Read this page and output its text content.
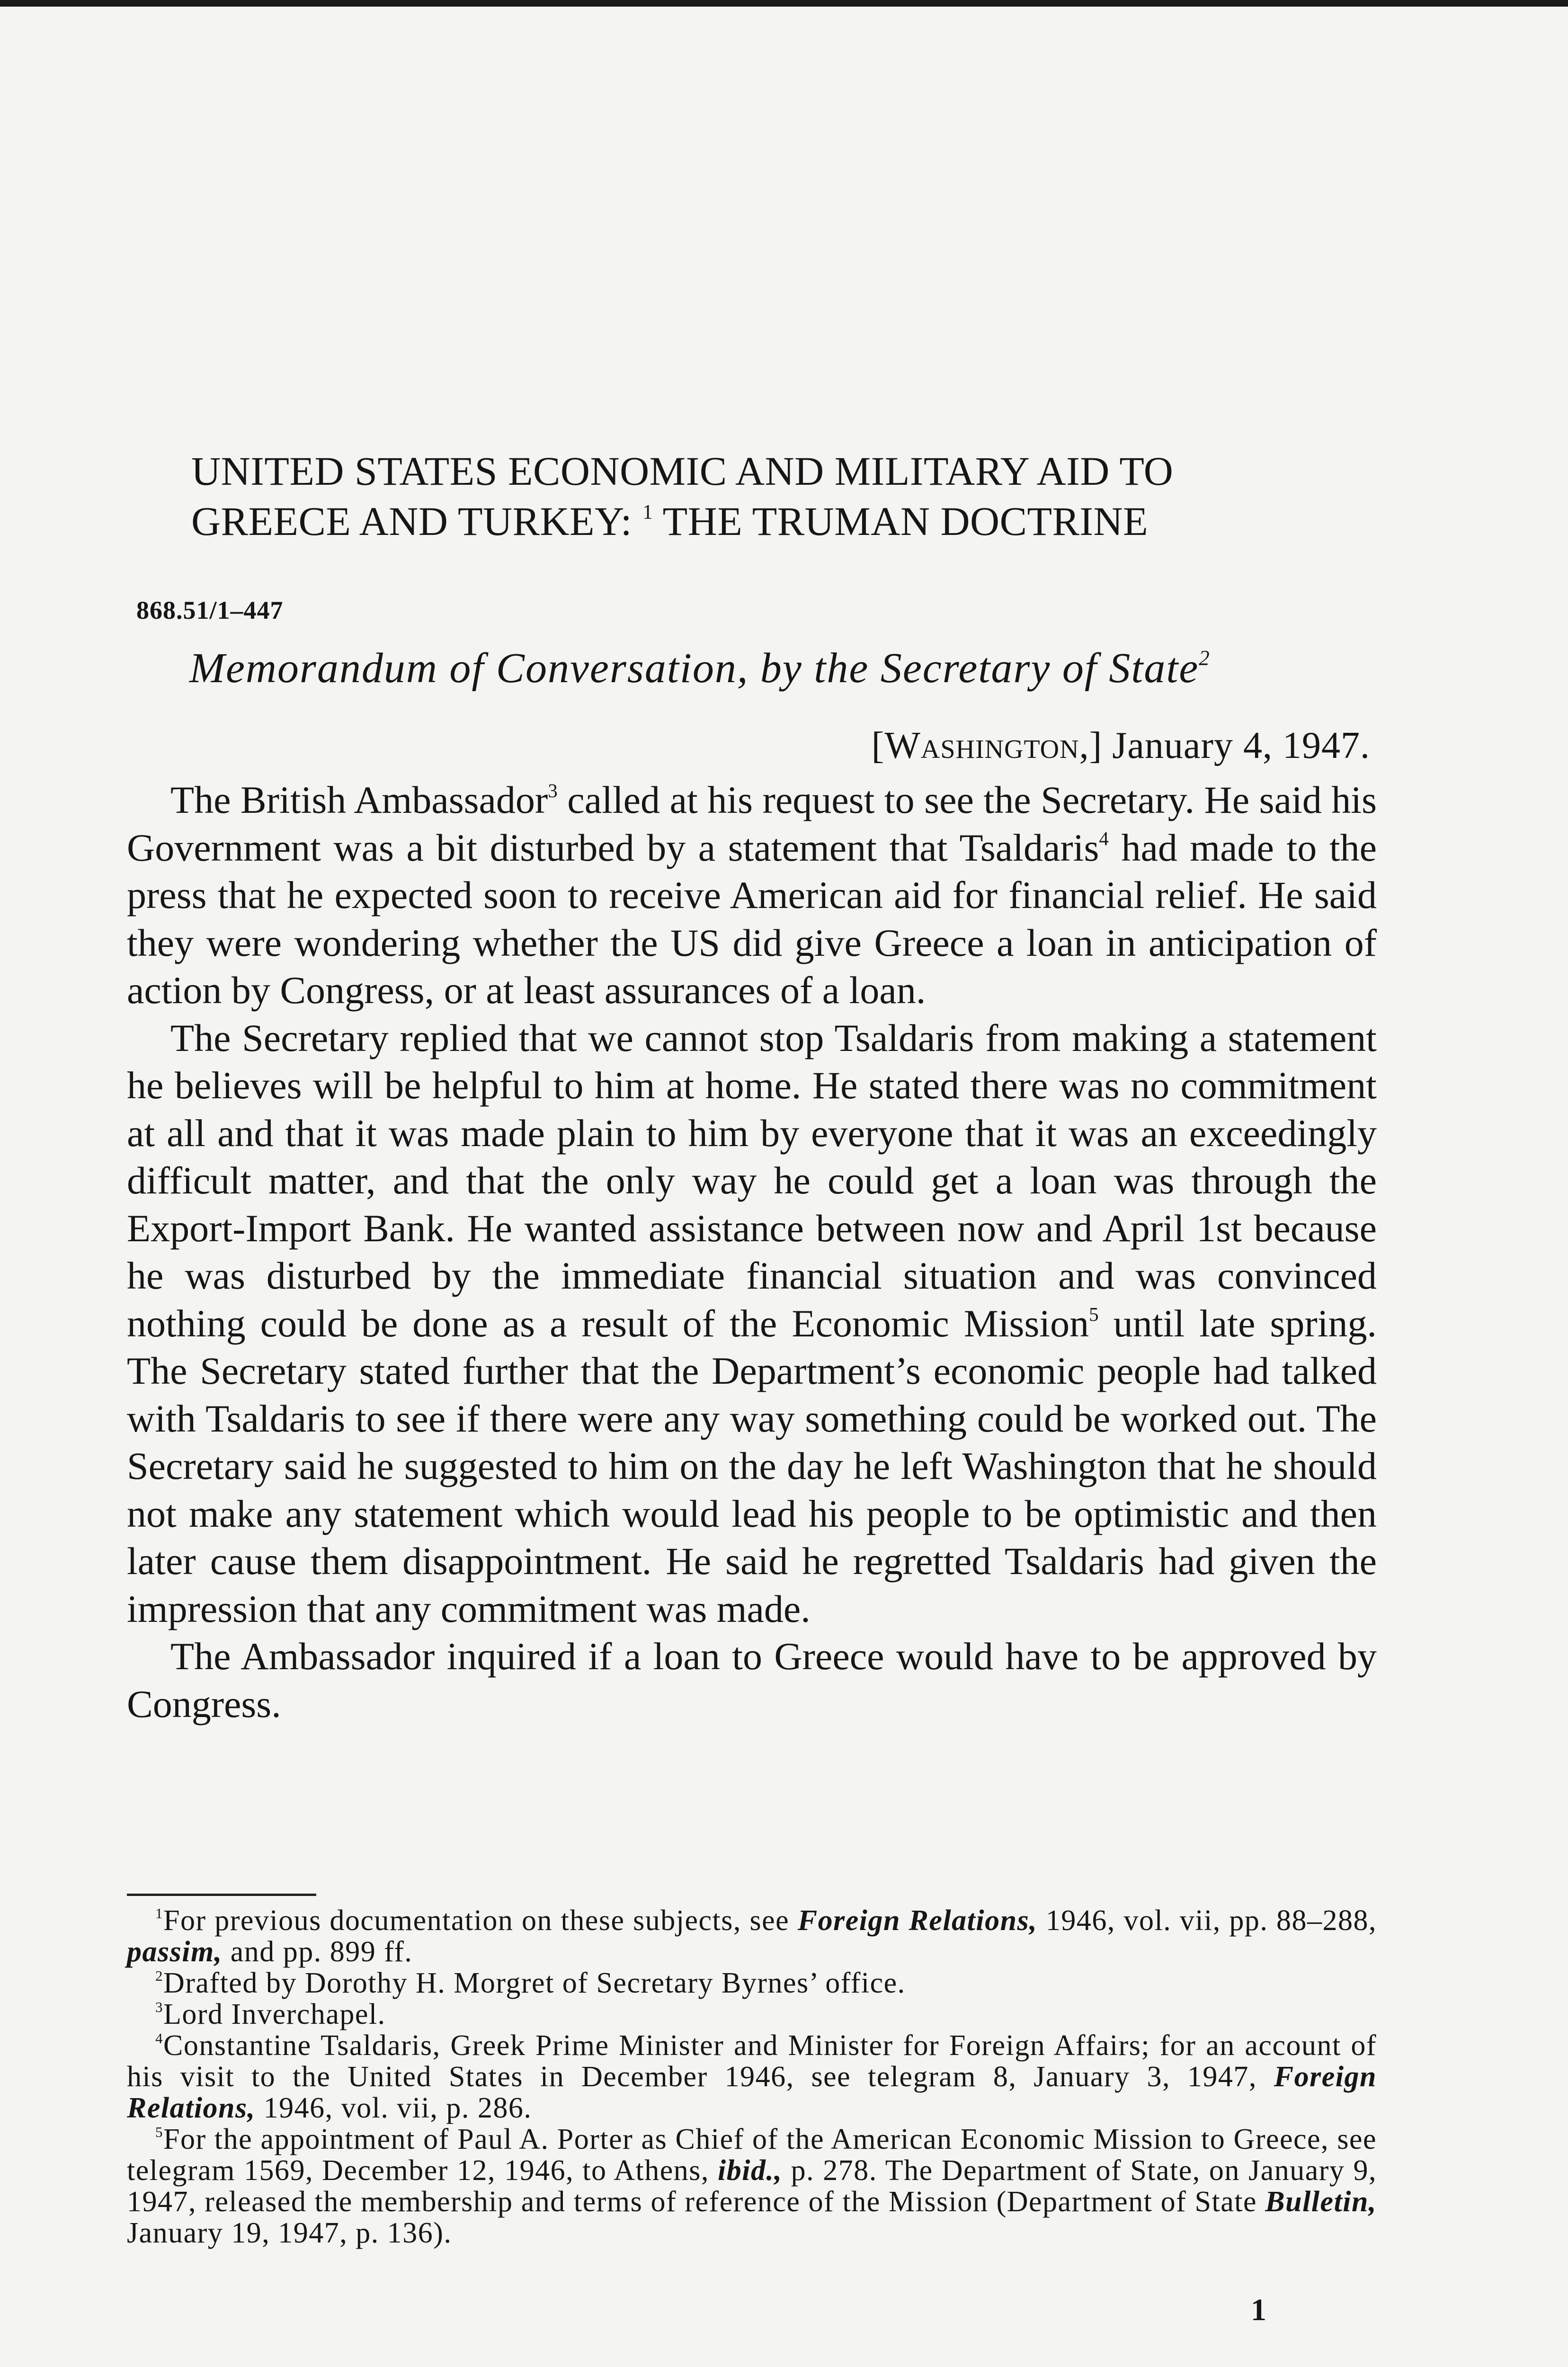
UNITED STATES ECONOMIC AND MILITARY AID TO

GREECE AND TURKEY: $^1$ THE TRUMAN DOCTRINE

868.51/1–447
Memorandum of Conversation, by the Secretary of State$^2$
[Washington,] January 4, 1947.

The British Ambassador$^3$ called at his request to see the Secretary. He said his Government was a bit disturbed by a statement that Tsaldaris$^4$ had made to the press that he expected soon to receive American aid for financial relief. He said they were wondering whether the US did give Greece a loan in anticipation of action by Congress, or at least assurances of a loan.

The Secretary replied that we cannot stop Tsaldaris from making a statement he believes will be helpful to him at home. He stated there was no commitment at all and that it was made plain to him by everyone that it was an exceedingly difficult matter, and that the only way he could get a loan was through the Export-Import Bank. He wanted assistance between now and April 1st because he was disturbed by the immediate financial situation and was convinced nothing could be done as a result of the Economic Mission$^5$ until late spring. The Secretary stated further that the Department’s economic people had talked with Tsaldaris to see if there were any way something could be worked out. The Secretary said he suggested to him on the day he left Washington that he should not make any statement which would lead his people to be optimistic and then later cause them disappointment. He said he regretted Tsaldaris had given the impression that any commitment was made.

The Ambassador inquired if a loan to Greece would have to be approved by Congress.

$^1$For previous documentation on these subjects, see Foreign Relations, 1946, vol. vii, pp. 88–288, passim, and pp. 899 ff.

$^2$Drafted by Dorothy H. Morgret of Secretary Byrnes’ office.

$^3$Lord Inverchapel.

$^4$Constantine Tsaldaris, Greek Prime Minister and Minister for Foreign Affairs; for an account of his visit to the United States in December 1946, see telegram 8, January 3, 1947, Foreign Relations, 1946, vol. vii, p. 286.

$^5$For the appointment of Paul A. Porter as Chief of the American Economic Mission to Greece, see telegram 1569, December 12, 1946, to Athens, ibid., p. 278. The Department of State, on January 9, 1947, released the membership and terms of reference of the Mission (Department of State Bulletin, January 19, 1947, p. 136).

1
